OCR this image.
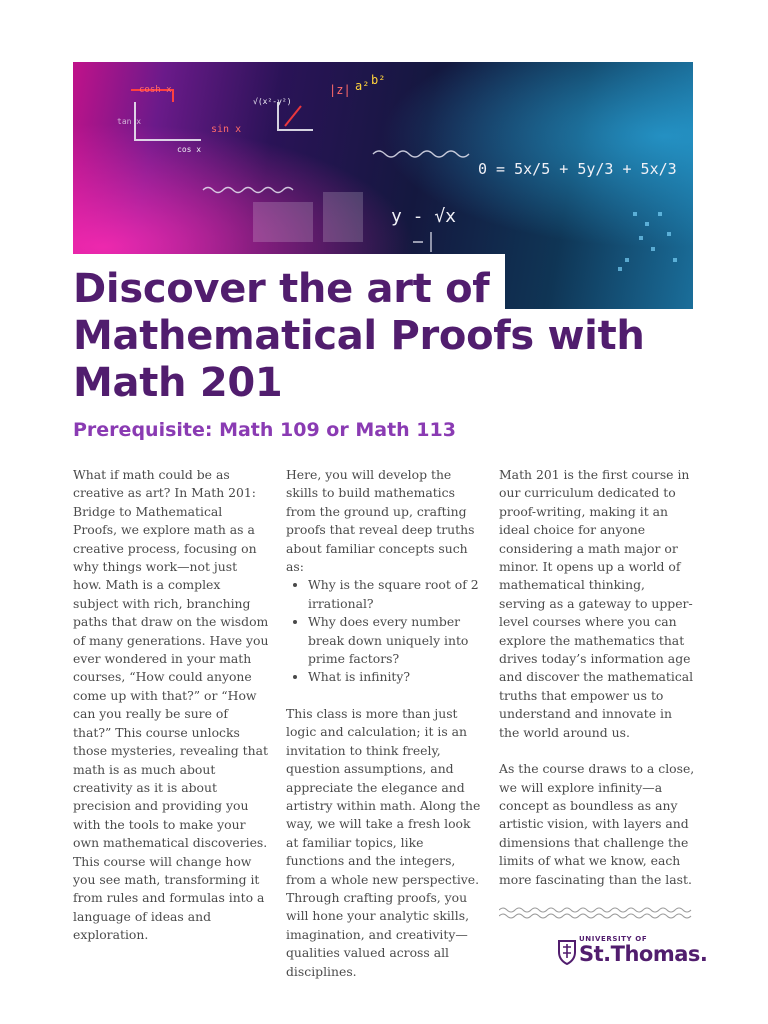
cosh x
sin x
cos x
tan x
|z| a² b²
√(x²-y²)
0 = 5x/5 + 5y/3 + 5x/3
y - √x
Discover the art of
Mathematical Proofs with
Math 201
Prerequisite: Math 109 or Math 113

What if math could be as creative as art? In Math 201: Bridge to Mathematical Proofs, we explore math as a creative process, focusing on why things work—not just how. Math is a complex subject with rich, branching paths that draw on the wisdom of many generations. Have you ever wondered in your math courses, “How could anyone come up with that?” or “How can you really be sure of that?” This course unlocks those mysteries, revealing that math is as much about creativity as it is about precision and providing you with the tools to make your own mathematical discoveries. This course will change how you see math, transforming it from rules and formulas into a language of ideas and exploration.

Here, you will develop the skills to build mathematics from the ground up, crafting proofs that reveal deep truths about familiar concepts such as:

• Why is the square root of 2 irrational?
• Why does every number break down uniquely into prime factors?
• What is infinity?

This class is more than just logic and calculation; it is an invitation to think freely, question assumptions, and appreciate the elegance and artistry within math. Along the way, we will take a fresh look at familiar topics, like functions and the integers, from a whole new perspective. Through crafting proofs, you will hone your analytic skills, imagination, and creativity—qualities valued across all disciplines.

Math 201 is the first course in our curriculum dedicated to proof-writing, making it an ideal choice for anyone considering a math major or minor. It opens up a world of mathematical thinking, serving as a gateway to upper-level courses where you can explore the mathematics that drives today’s information age and discover the mathematical truths that empower us to understand and innovate in the world around us.

As the course draws to a close, we will explore infinity—a concept as boundless as any artistic vision, with layers and dimensions that challenge the limits of what we know, each more fascinating than the last.

UNIVERSITY OF
St.Thomas.
